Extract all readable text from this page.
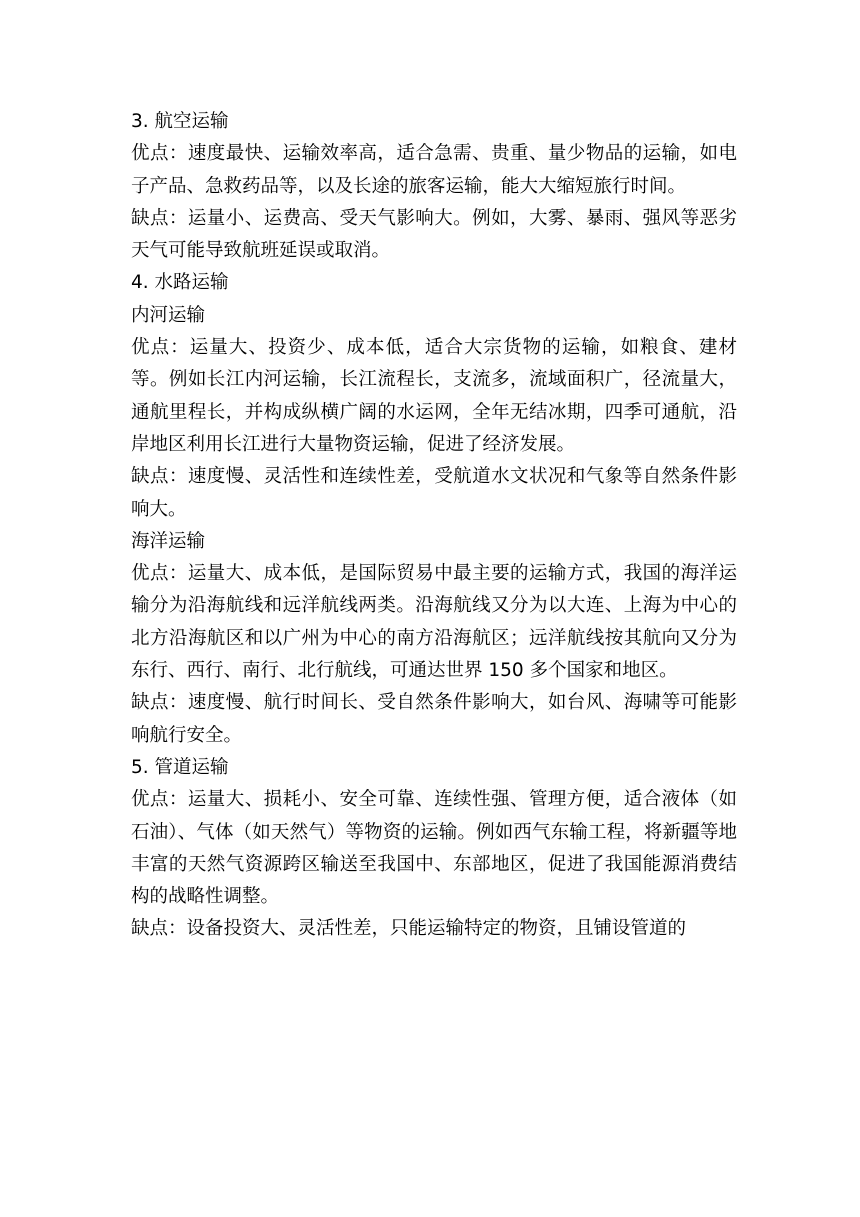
3. 航空运输
优点：速度最快、运输效率高，适合急需、贵重、量少物品的运输，如电子产品、急救药品等，以及长途的旅客运输，能大大缩短旅行时间。
缺点：运量小、运费高、受天气影响大。例如，大雾、暴雨、强风等恶劣天气可能导致航班延误或取消。
4. 水路运输
内河运输
优点：运量大、投资少、成本低，适合大宗货物的运输，如粮食、建材等。例如长江内河运输，长江流程长，支流多，流域面积广，径流量大，通航里程长，并构成纵横广阔的水运网，全年无结冰期，四季可通航，沿岸地区利用长江进行大量物资运输，促进了经济发展。
缺点：速度慢、灵活性和连续性差，受航道水文状况和气象等自然条件影响大。
海洋运输
优点：运量大、成本低，是国际贸易中最主要的运输方式，我国的海洋运输分为沿海航线和远洋航线两类。沿海航线又分为以大连、上海为中心的北方沿海航区和以广州为中心的南方沿海航区；远洋航线按其航向又分为东行、西行、南行、北行航线，可通达世界 150 多个国家和地区。
缺点：速度慢、航行时间长、受自然条件影响大，如台风、海啸等可能影响航行安全。
5. 管道运输
优点：运量大、损耗小、安全可靠、连续性强、管理方便，适合液体（如石油）、气体（如天然气）等物资的运输。例如西气东输工程，将新疆等地丰富的天然气资源跨区输送至我国中、东部地区，促进了我国能源消费结构的战略性调整。
缺点：设备投资大、灵活性差，只能运输特定的物资，且铺设管道的
